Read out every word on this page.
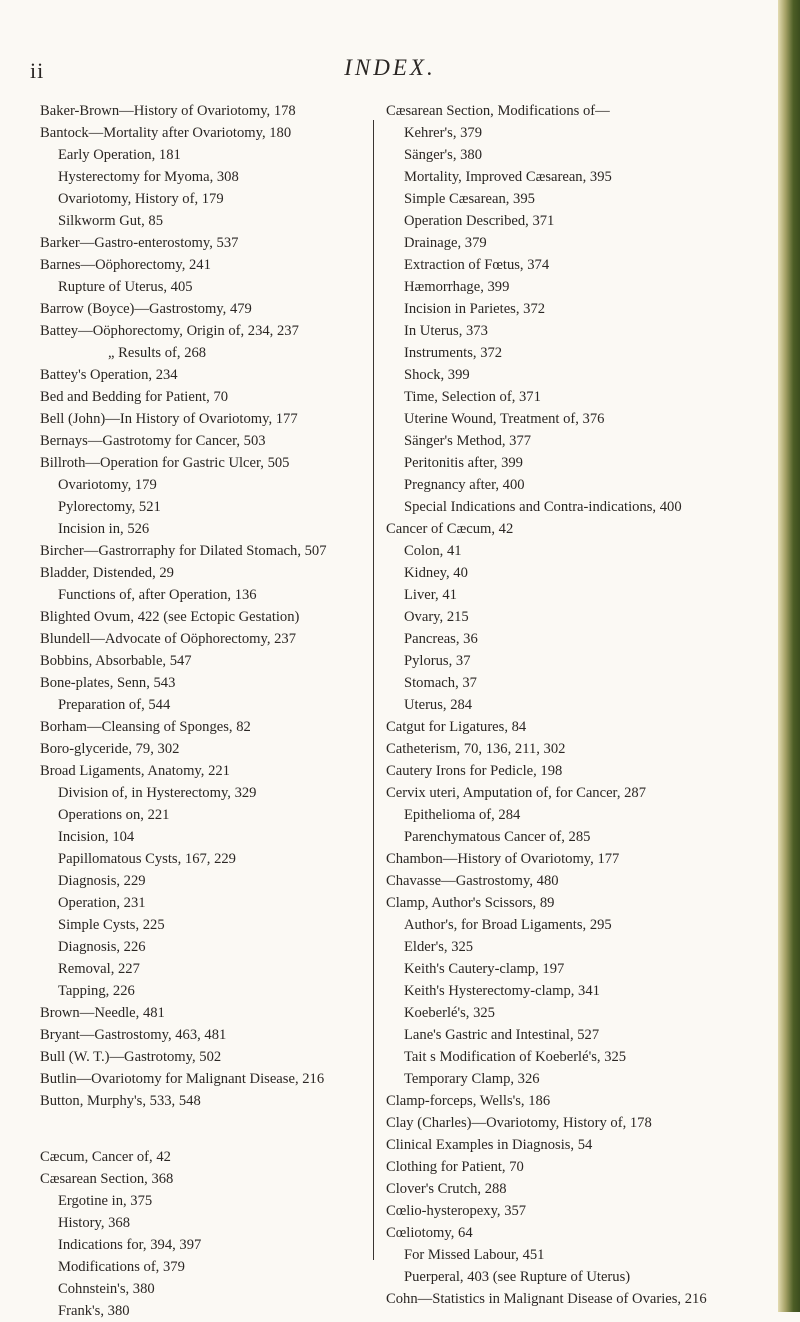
ii	INDEX.
Baker-Brown—History of Ovariotomy, 178
Bantock—Mortality after Ovariotomy, 180
Early Operation, 181
Hysterectomy for Myoma, 308
Ovariotomy, History of, 179
Silkworm Gut, 85
Barker—Gastro-enterostomy, 537
Barnes—Oöphorectomy, 241
Rupture of Uterus, 405
Barrow (Boyce)—Gastrostomy, 479
Battey—Oöphorectomy, Origin of, 234, 237
„ Results of, 268
Battey's Operation, 234
Bed and Bedding for Patient, 70
Bell (John)—In History of Ovariotomy, 177
Bernays—Gastrotomy for Cancer, 503
Billroth—Operation for Gastric Ulcer, 505
Ovariotomy, 179
Pylorectomy, 521
Incision in, 526
Bircher—Gastrorraphy for Dilated Stomach, 507
Bladder, Distended, 29
Functions of, after Operation, 136
Blighted Ovum, 422 (see Ectopic Gestation)
Blundell—Advocate of Oöphorectomy, 237
Bobbins, Absorbable, 547
Bone-plates, Senn, 543
Preparation of, 544
Borham—Cleansing of Sponges, 82
Boro-glyceride, 79, 302
Broad Ligaments, Anatomy, 221
Division of, in Hysterectomy, 329
Operations on, 221
Incision, 104
Papillomatous Cysts, 167, 229
Diagnosis, 229
Operation, 231
Simple Cysts, 225
Diagnosis, 226
Removal, 227
Tapping, 226
Brown—Needle, 481
Bryant—Gastrostomy, 463, 481
Bull (W. T.)—Gastrotomy, 502
Butlin—Ovariotomy for Malignant Disease, 216
Button, Murphy's, 533, 548
Cæcum, Cancer of, 42
Cæsarean Section, 368
Ergotine in, 375
History, 368
Indications for, 394, 397
Modifications of, 379
Cohnstein's, 380
Frank's, 380
Cæsarean Section, Modifications of—
Kehrer's, 379
Sänger's, 380
Mortality, Improved Cæsarean, 395
Simple Cæsarean, 395
Operation Described, 371
Drainage, 379
Extraction of Fœtus, 374
Hæmorrhage, 399
Incision in Parietes, 372
In Uterus, 373
Instruments, 372
Shock, 399
Time, Selection of, 371
Uterine Wound, Treatment of, 376
Sänger's Method, 377
Peritonitis after, 399
Pregnancy after, 400
Special Indications and Contra-indications, 400
Cancer of Cæcum, 42
Colon, 41
Kidney, 40
Liver, 41
Ovary, 215
Pancreas, 36
Pylorus, 37
Stomach, 37
Uterus, 284
Catgut for Ligatures, 84
Catheterism, 70, 136, 211, 302
Cautery Irons for Pedicle, 198
Cervix uteri, Amputation of, for Cancer, 287
Epithelioma of, 284
Parenchymatous Cancer of, 285
Chambon—History of Ovariotomy, 177
Chavasse—Gastrostomy, 480
Clamp, Author's Scissors, 89
Author's, for Broad Ligaments, 295
Elder's, 325
Keith's Cautery-clamp, 197
Keith's Hysterectomy-clamp, 341
Koeberlé's, 325
Lane's Gastric and Intestinal, 527
Tait s Modification of Koeberlé's, 325
Temporary Clamp, 326
Clamp-forceps, Wells's, 186
Clay (Charles)—Ovariotomy, History of, 178
Clinical Examples in Diagnosis, 54
Clothing for Patient, 70
Clover's Crutch, 288
Cœlio-hysteropexy, 357
Cœliotomy, 64
For Missed Labour, 451
Puerperal, 403 (see Rupture of Uterus)
Cohn—Statistics in Malignant Disease of Ovaries, 216
